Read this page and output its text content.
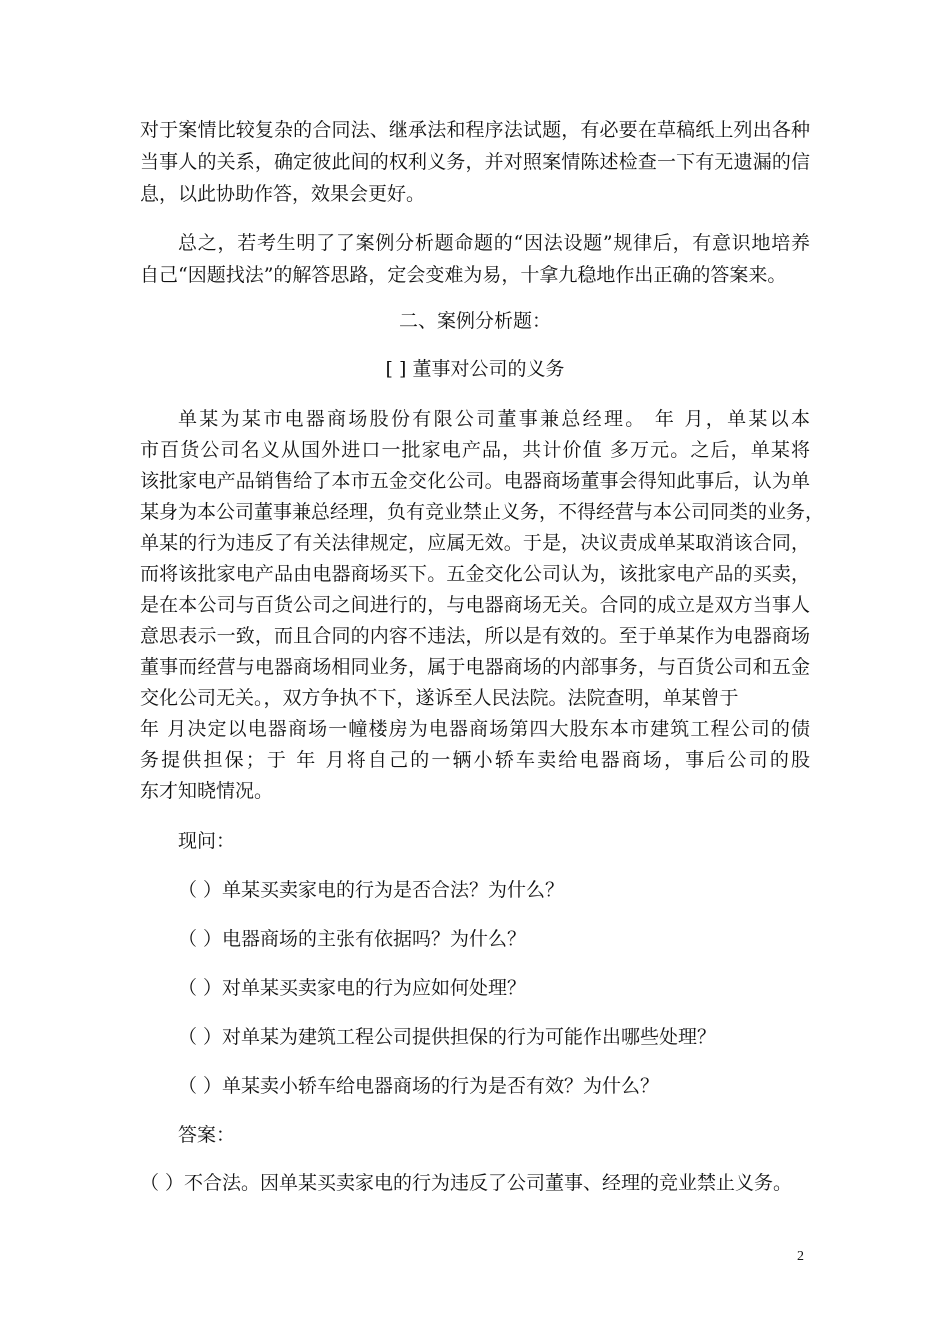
对于案情比较复杂的合同法、继承法和程序法试题，有必要在草稿纸上列出各种
当事人的关系，确定彼此间的权利义务，并对照案情陈述检查一下有无遗漏的信
息，以此协助作答，效果会更好。
总之，若考生明了了案例分析题命题的“因法设题”规律后，有意识地培养
自己“因题找法”的解答思路，定会变难为易，十拿九稳地作出正确的答案来。
二、案例分析题：
[ ] 董事对公司的义务
单某为某市电器商场股份有限公司董事兼总经理。 年 月，单某以本
市百货公司名义从国外进口一批家电产品，共计价值 多万元。之后，单某将
该批家电产品销售给了本市五金交化公司。电器商场董事会得知此事后，认为单
某身为本公司董事兼总经理，负有竞业禁止义务，不得经营与本公司同类的业务，
单某的行为违反了有关法律规定，应属无效。于是，决议责成单某取消该合同，
而将该批家电产品由电器商场买下。五金交化公司认为，该批家电产品的买卖，
是在本公司与百货公司之间进行的，与电器商场无关。合同的成立是双方当事人
意思表示一致，而且合同的内容不违法，所以是有效的。至于单某作为电器商场
董事而经营与电器商场相同业务，属于电器商场的内部事务，与百货公司和五金
交化公司无关。，双方争执不下，遂诉至人民法院。法院查明，单某曾于
年 月决定以电器商场一幢楼房为电器商场第四大股东本市建筑工程公司的债
务提供担保；于 年 月将自己的一辆小轿车卖给电器商场，事后公司的股
东才知晓情况。
现问：
（ ）单某买卖家电的行为是否合法？为什么？
（ ）电器商场的主张有依据吗？为什么？
（ ）对单某买卖家电的行为应如何处理？
（ ）对单某为建筑工程公司提供担保的行为可能作出哪些处理？
（ ）单某卖小轿车给电器商场的行为是否有效？为什么？
答案：
（ ）不合法。因单某买卖家电的行为违反了公司董事、经理的竞业禁止义务。
2
